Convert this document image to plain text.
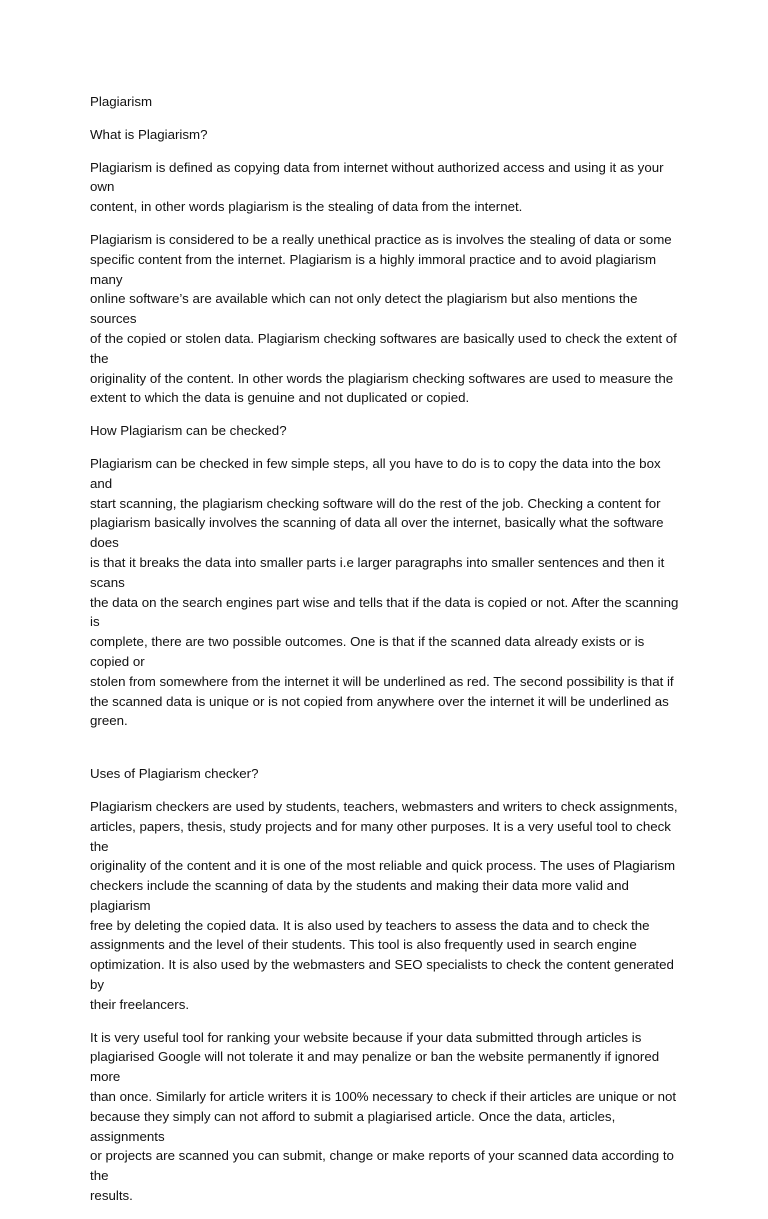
Plagiarism

What is Plagiarism?

Plagiarism is defined as copying data from internet without authorized access and using it as your own
content, in other words plagiarism is the stealing of data from the internet.

Plagiarism is considered to be a really unethical practice as is involves the stealing of data or some
specific content from the internet. Plagiarism is a highly immoral practice and to avoid plagiarism many
online software’s are available which can not only detect the plagiarism but also mentions the sources
of the copied or stolen data. Plagiarism checking softwares are basically used to check the extent of the
originality of the content. In other words the plagiarism checking softwares are used to measure the
extent to which the data is genuine and not duplicated or copied.

How Plagiarism can be checked?

Plagiarism can be checked in few simple steps, all you have to do is to copy the data into the box and
start scanning, the plagiarism checking software will do the rest of the job. Checking a content for
plagiarism basically involves the scanning of data all over the internet, basically what the software does
is that it breaks the data into smaller parts i.e larger paragraphs into smaller sentences and then it scans
the data on the search engines part wise and tells that if the data is copied or not. After the scanning is
complete, there are two possible outcomes. One is that if the scanned data already exists or is copied or
stolen from somewhere from the internet it will be underlined as red. The second possibility is that if
the scanned data is unique or is not copied from anywhere over the internet it will be underlined as
green.

Uses of Plagiarism checker?

Plagiarism checkers are used by students, teachers, webmasters and writers to check assignments,
articles, papers, thesis, study projects and for many other purposes. It is a very useful tool to check the
originality of the content and it is one of the most reliable and quick process. The uses of Plagiarism
checkers include the scanning of data by the students and making their data more valid and plagiarism
free by deleting the copied data. It is also used by teachers to assess the data and to check the
assignments and the level of their students. This tool is also frequently used in search engine
optimization. It is also used by the webmasters and SEO specialists to check the content generated by
their freelancers.

It is very useful tool for ranking your website because if your data submitted through articles is
plagiarised Google will not tolerate it and may penalize or ban the website permanently if ignored more
than once. Similarly for article writers it is 100% necessary to check if their articles are unique or not
because they simply can not afford to submit a plagiarised article. Once the data, articles, assignments
or projects are scanned you can submit, change or make reports of your scanned data according to the
results.
